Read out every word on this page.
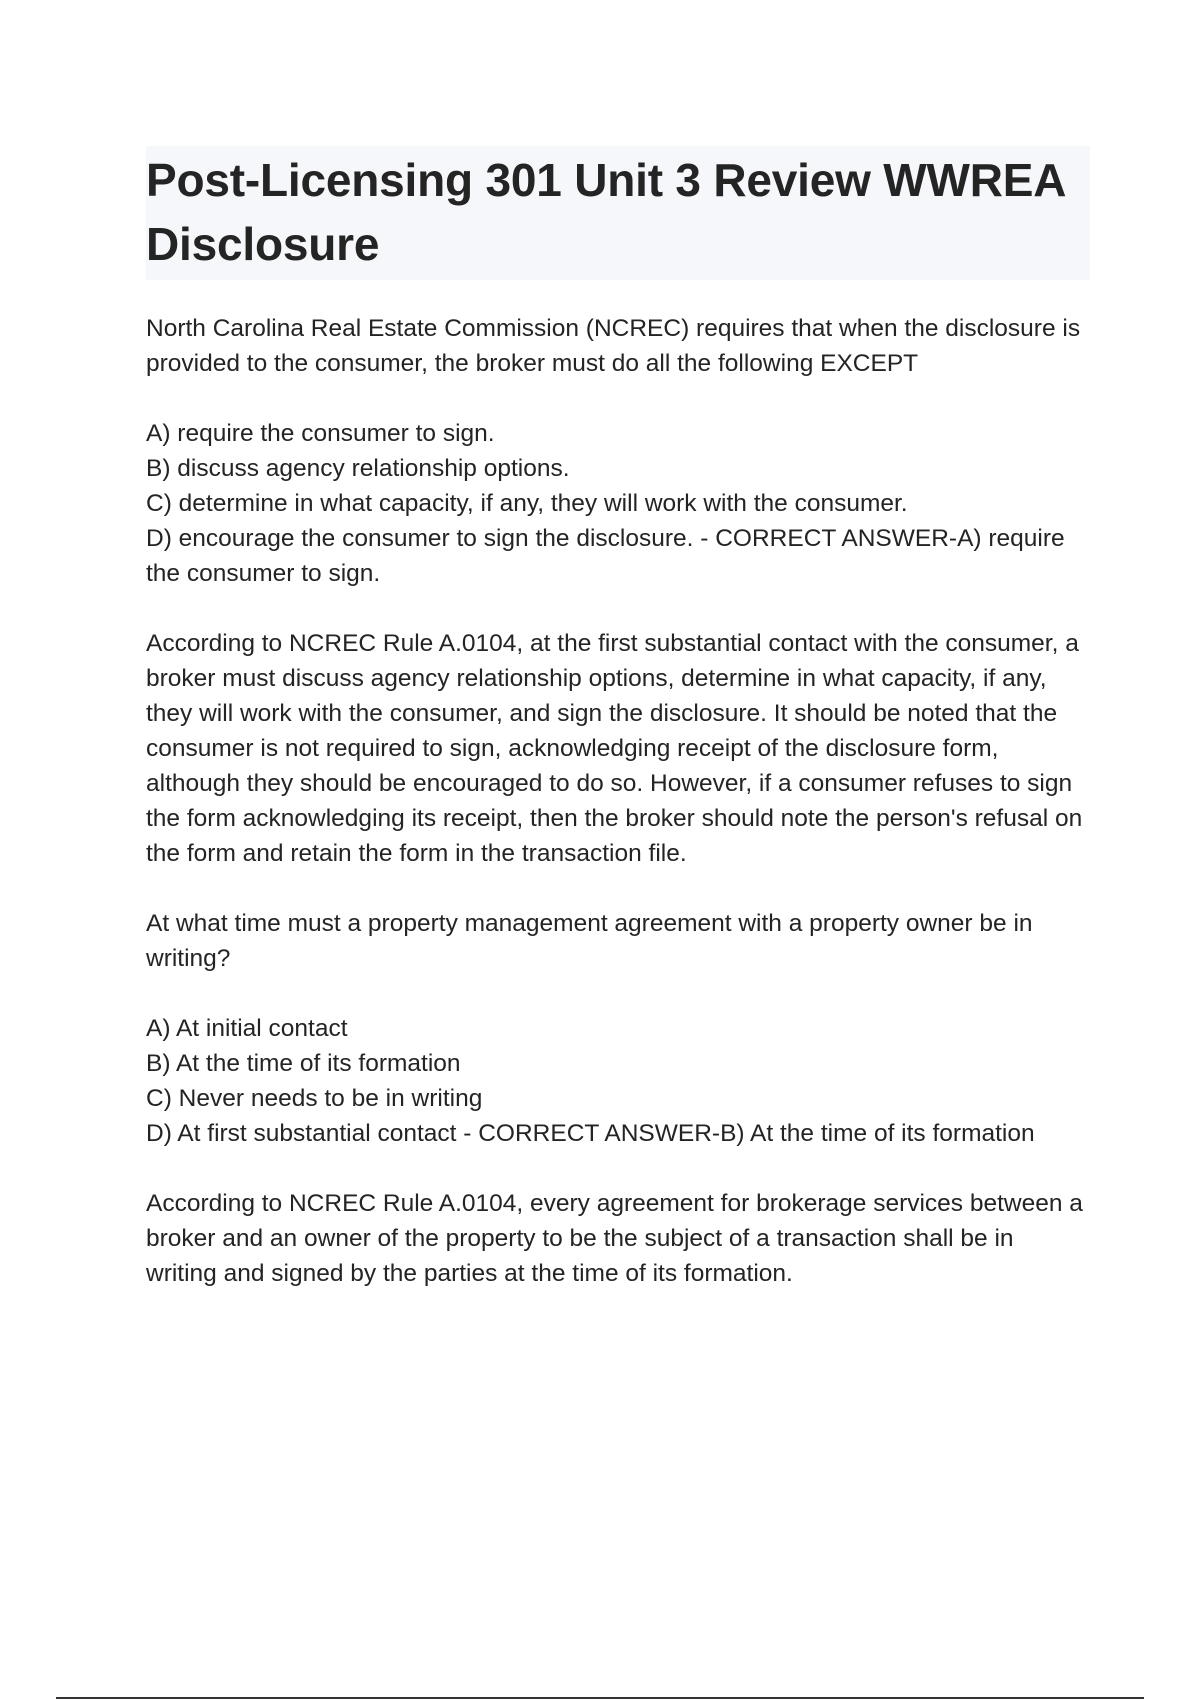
Post-Licensing 301 Unit 3 Review WWREA Disclosure

North Carolina Real Estate Commission (NCREC) requires that when the disclosure is provided to the consumer, the broker must do all the following EXCEPT

A) require the consumer to sign.

B) discuss agency relationship options.

C) determine in what capacity, if any, they will work with the consumer.

D) encourage the consumer to sign the disclosure. - CORRECT ANSWER-A) require the consumer to sign.

According to NCREC Rule A.0104, at the first substantial contact with the consumer, a broker must discuss agency relationship options, determine in what capacity, if any, they will work with the consumer, and sign the disclosure. It should be noted that the consumer is not required to sign, acknowledging receipt of the disclosure form, although they should be encouraged to do so. However, if a consumer refuses to sign the form acknowledging its receipt, then the broker should note the person's refusal on the form and retain the form in the transaction file.

At what time must a property management agreement with a property owner be in writing?

A) At initial contact

B) At the time of its formation

C) Never needs to be in writing

D) At first substantial contact - CORRECT ANSWER-B) At the time of its formation

According to NCREC Rule A.0104, every agreement for brokerage services between a broker and an owner of the property to be the subject of a transaction shall be in writing and signed by the parties at the time of its formation.
